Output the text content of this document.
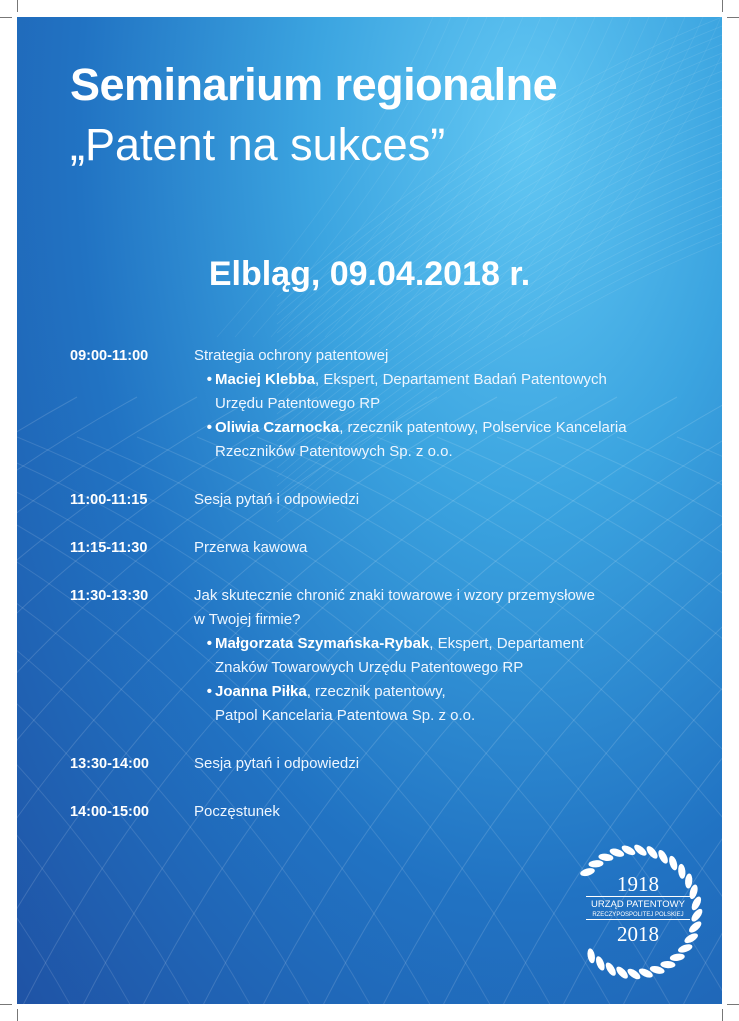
Seminarium regionalne
„Patent na sukces”
Elbląg, 09.04.2018 r.
09:00-11:00	Strategia ochrony patentowej
• Maciej Klebba, Ekspert, Departament Badań Patentowych
Urzędu Patentowego RP
• Oliwia Czarnocka, rzecznik patentowy, Polservice Kancelaria
Rzeczników Patentowych Sp. z o.o.
11:00-11:15	Sesja pytań i odpowiedzi
11:15-11:30	Przerwa kawowa
11:30-13:30	Jak skutecznie chronić znaki towarowe i wzory przemysłowe
w Twojej firmie?
• Małgorzata Szymańska-Rybak, Ekspert, Departament
Znaków Towarowych Urzędu Patentowego RP
• Joanna Piłka, rzecznik patentowy,
Patpol Kancelaria Patentowa Sp. z o.o.
13:30-14:00	Sesja pytań i odpowiedzi
14:00-15:00	Poczęstunek
1918
URZĄD PATENTOWY
RZECZYPOSPOLITEJ POLSKIEJ
2018
